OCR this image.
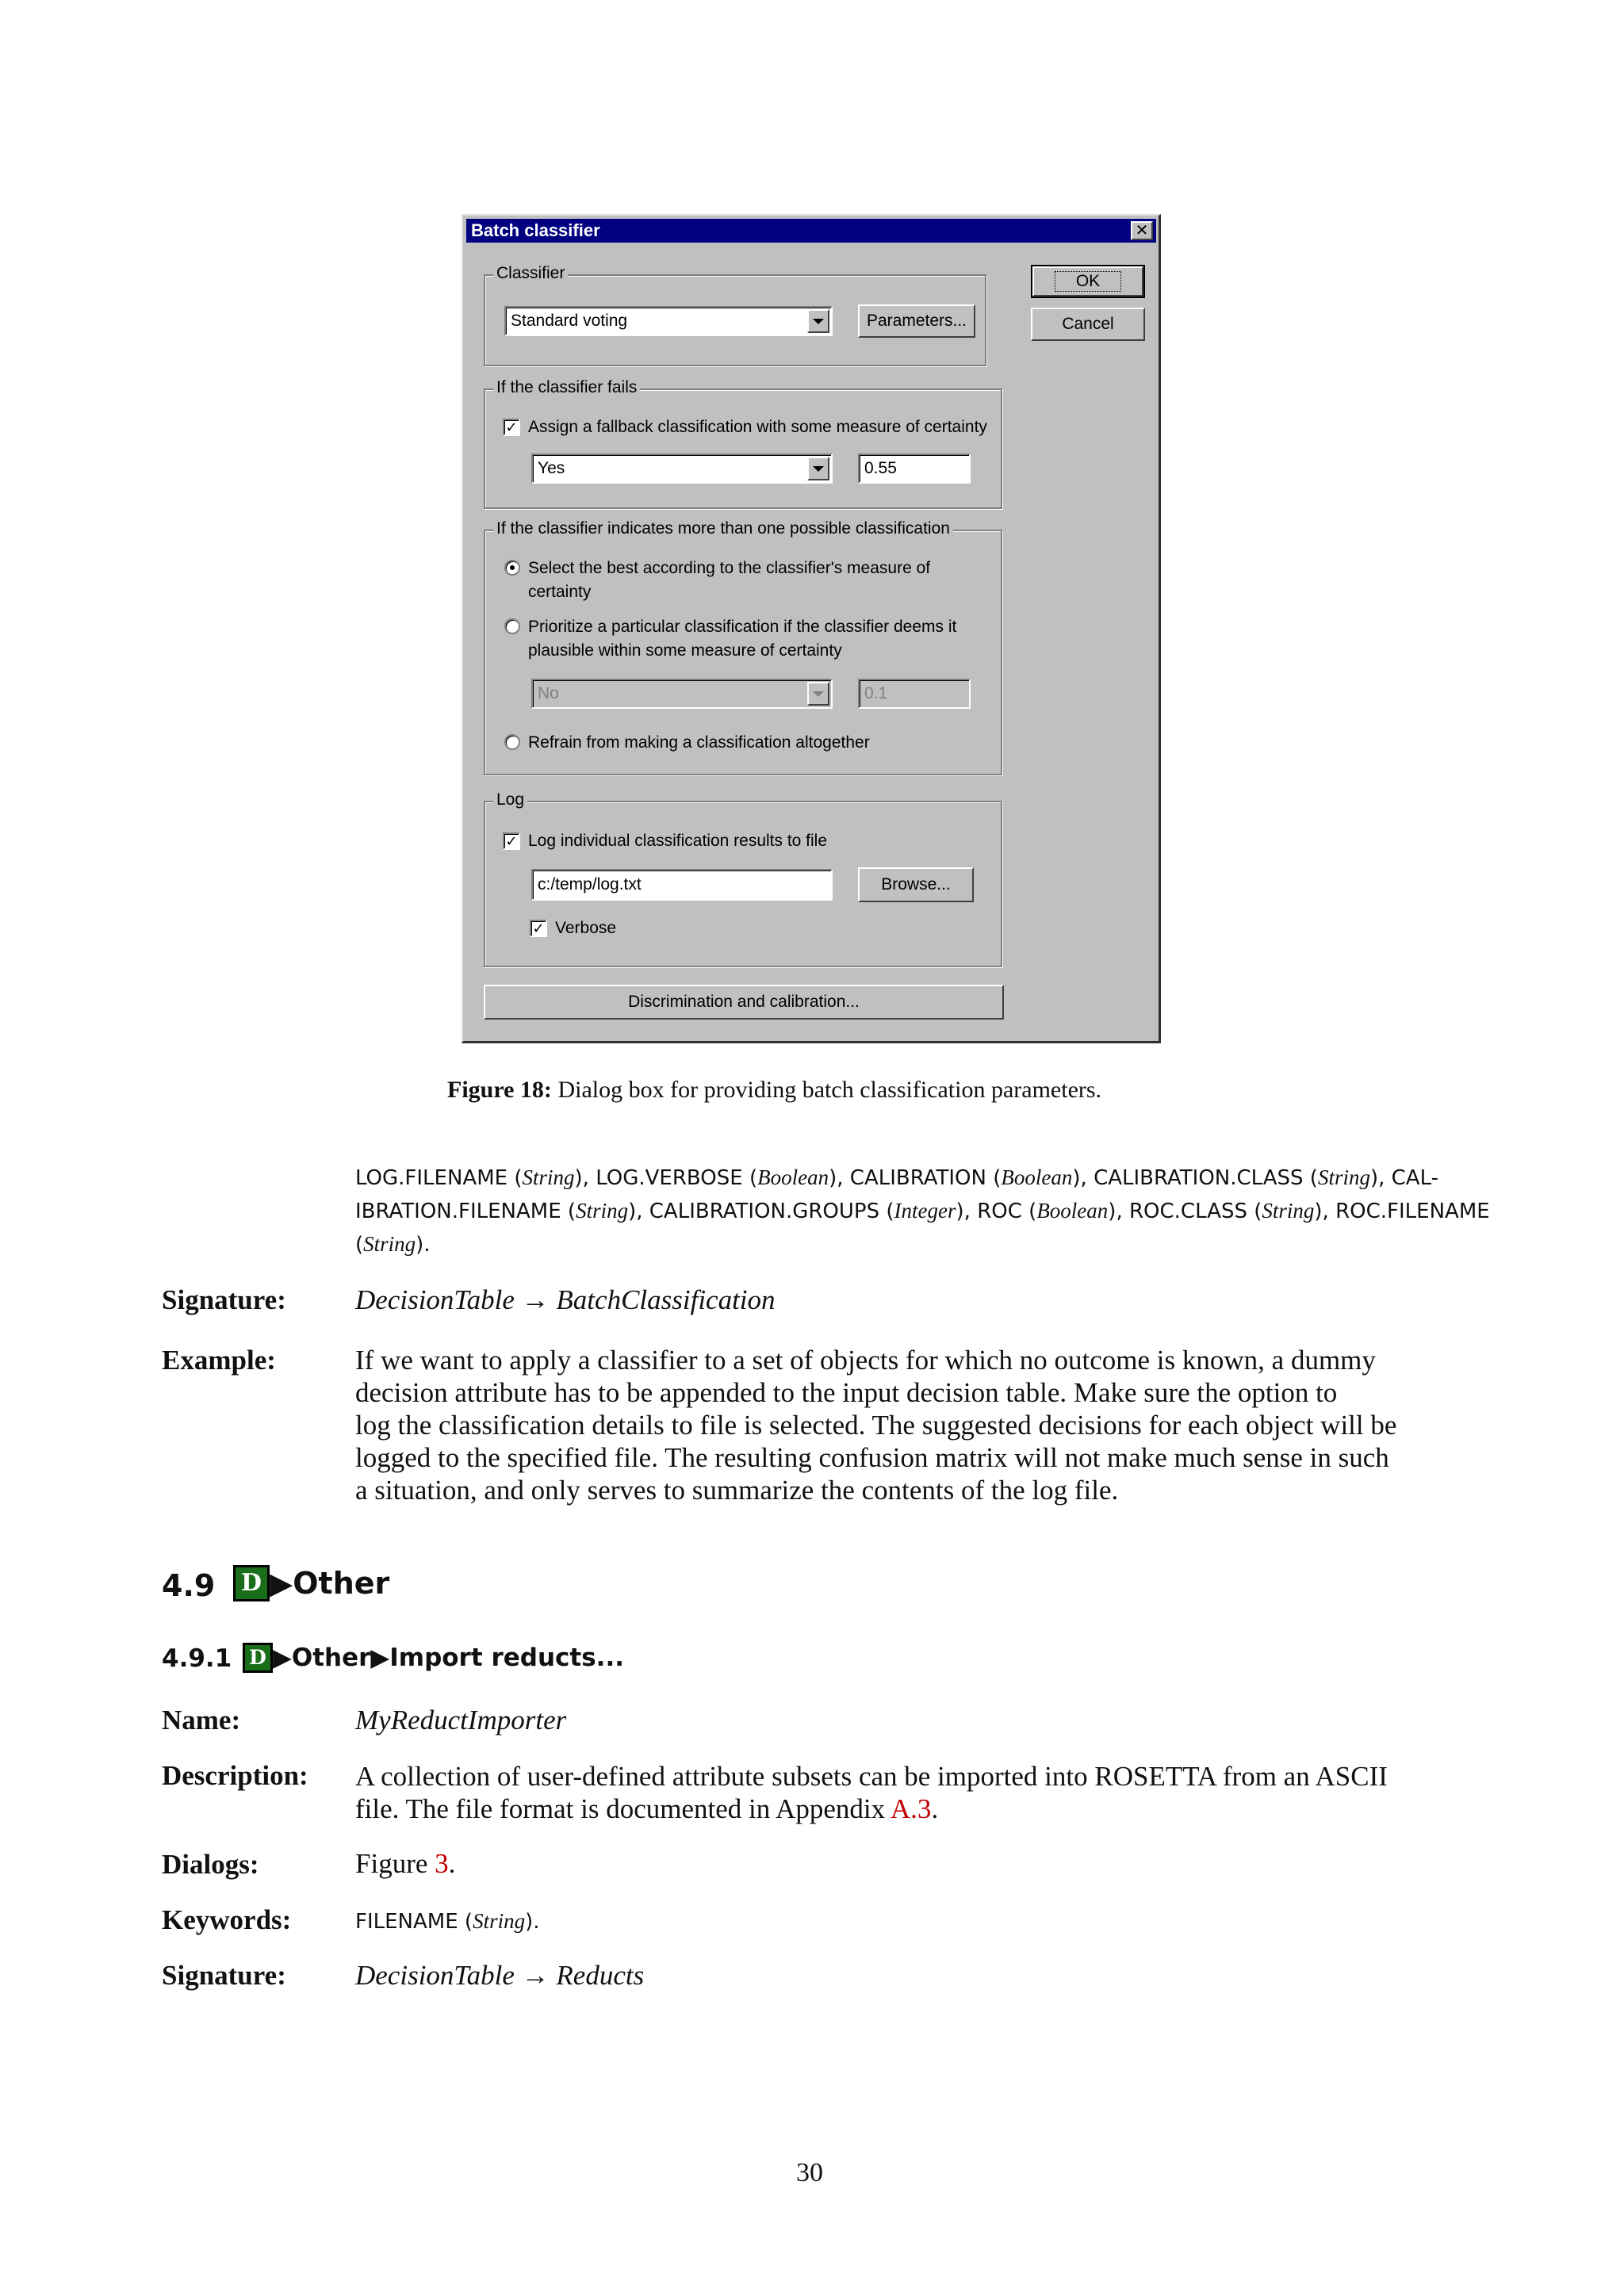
Batch classifier	✕
Classifier
Standard voting	Parameters...
OK
Cancel
If the classifier fails
✓ Assign a fallback classification with some measure of certainty
Yes	0.55
If the classifier indicates more than one possible classification
Select the best according to the classifier's measure of
certainty
Prioritize a particular classification if the classifier deems it
plausible within some measure of certainty
No	0.1
Refrain from making a classification altogether
Log
✓ Log individual classification results to file
c:/temp/log.txt	Browse...
✓ Verbose
Discrimination and calibration...
Figure 18: Dialog box for providing batch classification parameters.
LOG.FILENAME (String), LOG.VERBOSE (Boolean), CALIBRATION (Boolean), CALIBRATION.CLASS (String), CAL-
IBRATION.FILENAME (String), CALIBRATION.GROUPS (Integer), ROC (Boolean), ROC.CLASS (String), ROC.FILENAME
(String).
Signature: DecisionTable → BatchClassification
Example:	If we want to apply a classifier to a set of objects for which no outcome is known, a dummy
decision attribute has to be appended to the input decision table. Make sure the option to
log the classification details to file is selected. The suggested decisions for each object will be
logged to the specified file. The resulting confusion matrix will not make much sense in such
a situation, and only serves to summarize the contents of the log file.
4.9	D ▶Other
4.9.1 D ▶Other▶Import reducts...
Name:	MyReductImporter
Description: A collection of user-defined attribute subsets can be imported into ROSETTA from an ASCII
file. The file format is documented in Appendix A.3.
Dialogs:	Figure 3.
Keywords:	FILENAME (String).
Signature: DecisionTable → Reducts
30
